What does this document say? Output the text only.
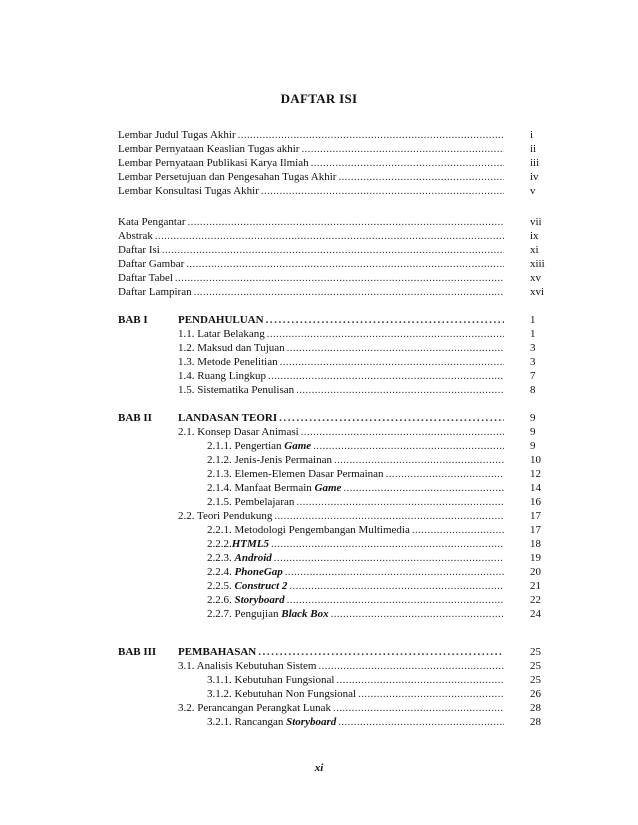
DAFTAR ISI
Lembar Judul Tugas Akhir . . .	i
Lembar Pernyataan Keaslian Tugas akhir . . .	ii
Lembar Pernyataan Publikasi Karya Ilmiah . . .	iii
Lembar Persetujuan dan Pengesahan Tugas Akhir . . .	iv
Lembar Konsultasi Tugas Akhir . . .	v
Kata Pengantar . . .	vii
Abstrak . . .	ix
Daftar Isi . . .	xi
Daftar Gambar . . .	xiii
Daftar Tabel . . .	xv
Daftar Lampiran . . .	xvi
BAB I	PENDAHULUAN . . .	1
1.1. Latar Belakang . . .	1
1.2. Maksud dan Tujuan . . .	3
1.3. Metode Penelitian . . .	3
1.4. Ruang Lingkup . . .	7
1.5. Sistematika Penulisan . . .	8
BAB II LANDASAN TEORI . . .	9
2.1. Konsep Dasar Animasi . . .	9
2.1.1. Pengertian Game . . .	9
2.1.2. Jenis-Jenis Permainan . . .	10
2.1.3. Elemen-Elemen Dasar Permainan . . .	12
2.1.4. Manfaat Bermain Game . . .	14
2.1.5. Pembelajaran . . .	16
2.2. Teori Pendukung . . .	17
2.2.1. Metodologi Pengembangan Multimedia . . .	17
2.2.2.HTML5 . . .	18
2.2.3. Android . . .	19
2.2.4. PhoneGap . . .	20
2.2.5. Construct 2 . . .	21
2.2.6. Storyboard . . .	22
2.2.7. Pengujian Black Box . . .	24
BAB III PEMBAHASAN . . .	25
3.1. Analisis Kebutuhan Sistem . . .	25
3.1.1. Kebutuhan Fungsional . . .	25
3.1.2. Kebutuhan Non Fungsional . . .	26
3.2. Perancangan Perangkat Lunak . . .	28
3.2.1. Rancangan Storyboard . . .	28
xi
